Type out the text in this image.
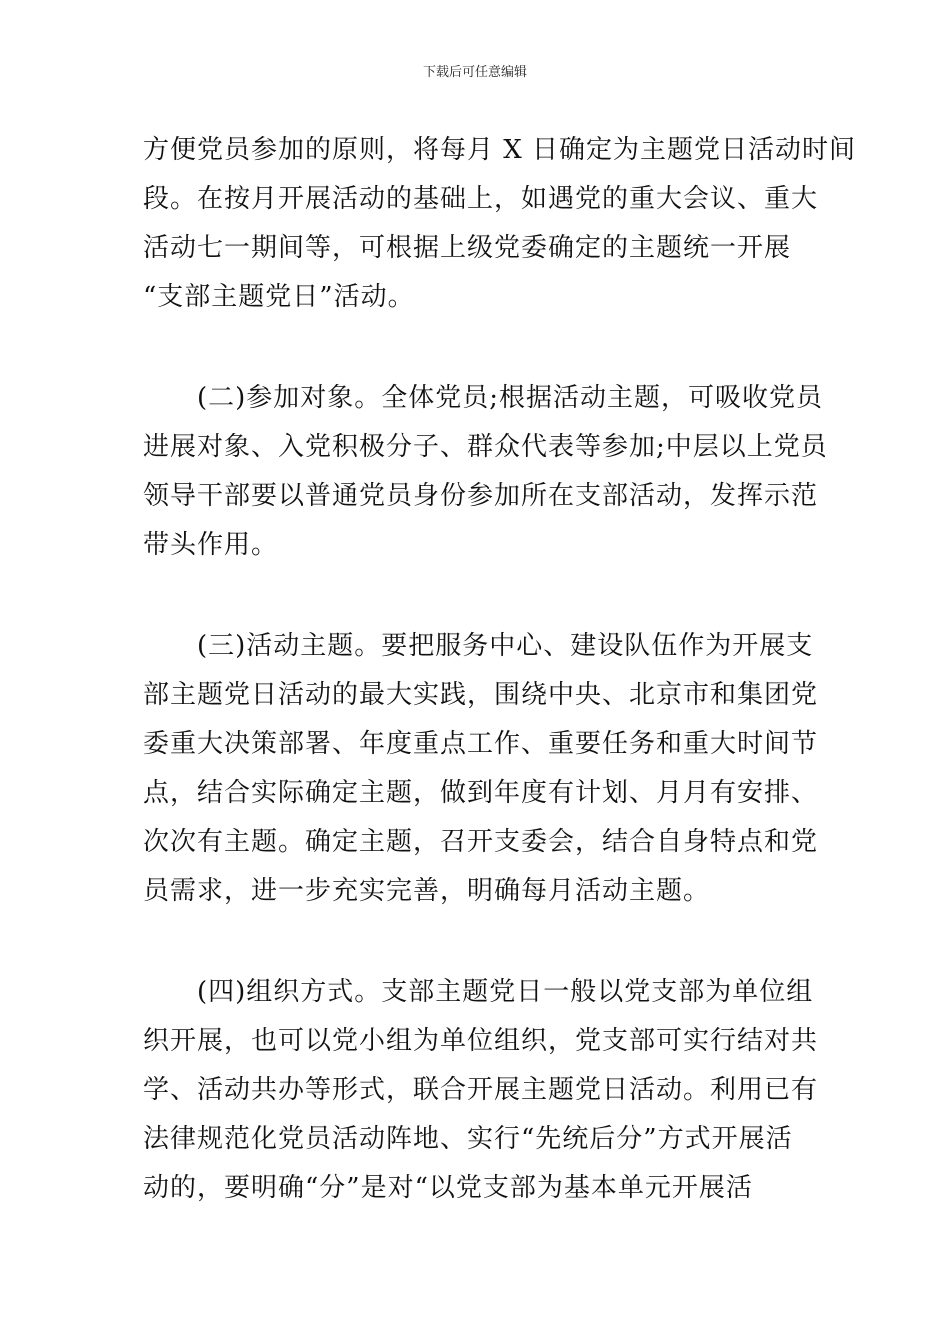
下载后可任意编辑

方便党员参加的原则，将每月 X 日确定为主题党日活动时间
段。在按月开展活动的基础上，如遇党的重大会议、重大
活动七一期间等，可根据上级党委确定的主题统一开展
“支部主题党日”活动。

(二)参加对象。全体党员;根据活动主题，可吸收党员
进展对象、入党积极分子、群众代表等参加;中层以上党员
领导干部要以普通党员身份参加所在支部活动，发挥示范
带头作用。

(三)活动主题。要把服务中心、建设队伍作为开展支
部主题党日活动的最大实践，围绕中央、北京市和集团党
委重大决策部署、年度重点工作、重要任务和重大时间节
点，结合实际确定主题，做到年度有计划、月月有安排、
次次有主题。确定主题，召开支委会，结合自身特点和党
员需求，进一步充实完善，明确每月活动主题。

(四)组织方式。支部主题党日一般以党支部为单位组
织开展，也可以党小组为单位组织，党支部可实行结对共
学、活动共办等形式，联合开展主题党日活动。利用已有
法律规范化党员活动阵地、实行“先统后分”方式开展活
动的，要明确“分”是对“以党支部为基本单元开展活
